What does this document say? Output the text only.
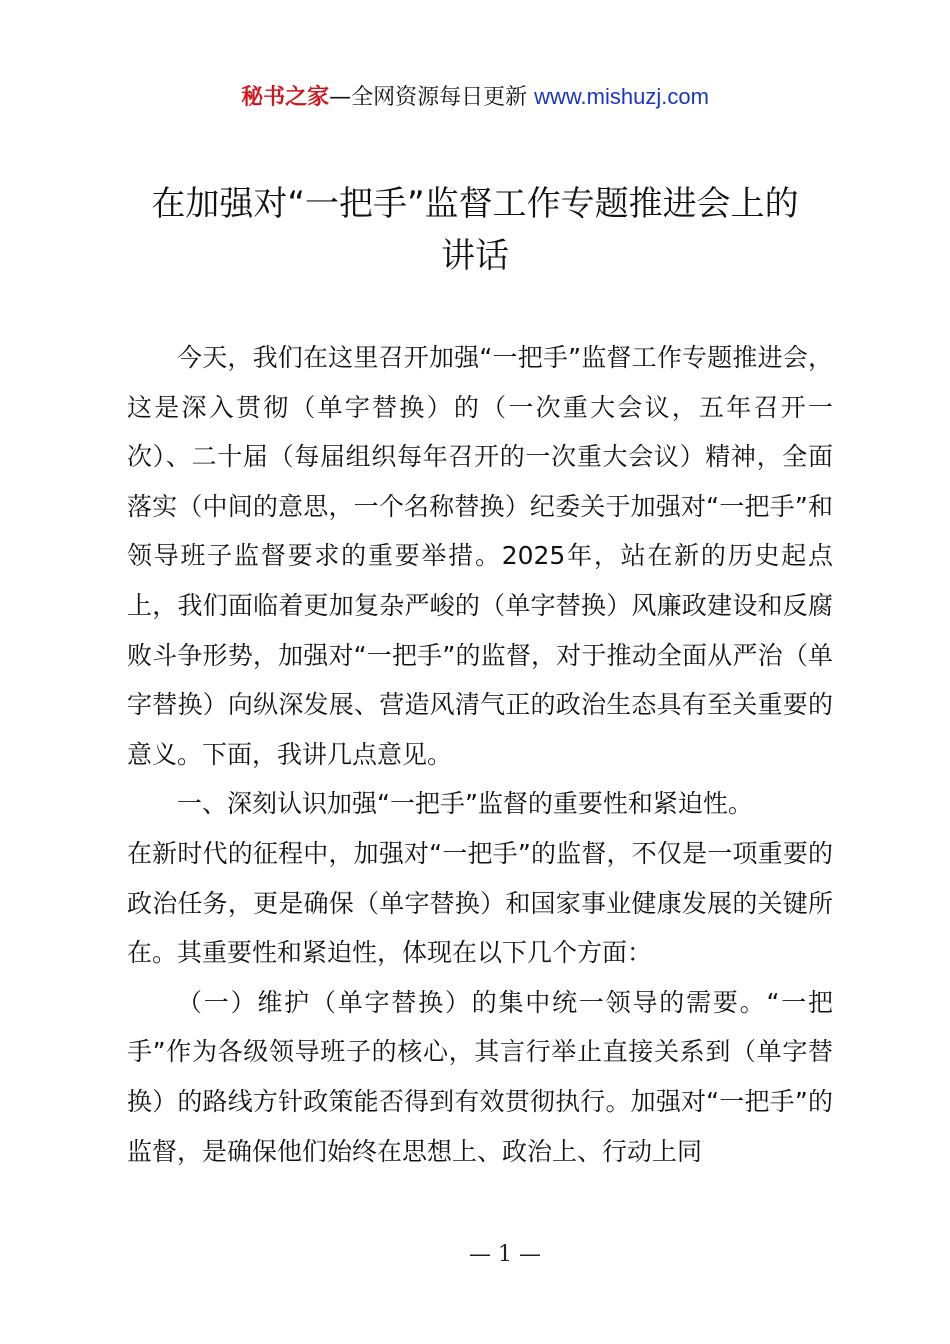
秘书之家—全网资源每日更新 www.mishuzj.com
在加强对“一把手”监督工作专题推进会上的
讲话

今天，我们在这里召开加强“一把手”监督工作专题推进会，这是深入贯彻（单字替换）的（一次重大会议，五年召开一次）、二十届（每届组织每年召开的一次重大会议）精神，全面落实（中间的意思，一个名称替换）纪委关于加强对“一把手”和领导班子监督要求的重要举措。2025年，站在新的历史起点上，我们面临着更加复杂严峻的（单字替换）风廉政建设和反腐败斗争形势，加强对“一把手”的监督，对于推动全面从严治（单字替换）向纵深发展、营造风清气正的政治生态具有至关重要的意义。下面，我讲几点意见。

一、深刻认识加强“一把手”监督的重要性和紧迫性。

在新时代的征程中，加强对“一把手”的监督，不仅是一项重要的政治任务，更是确保（单字替换）和国家事业健康发展的关键所在。其重要性和紧迫性，体现在以下几个方面：

（一）维护（单字替换）的集中统一领导的需要。“一把手”作为各级领导班子的核心，其言行举止直接关系到（单字替换）的路线方针政策能否得到有效贯彻执行。加强对“一把手”的监督，是确保他们始终在思想上、政治上、行动上同

— 1 —
